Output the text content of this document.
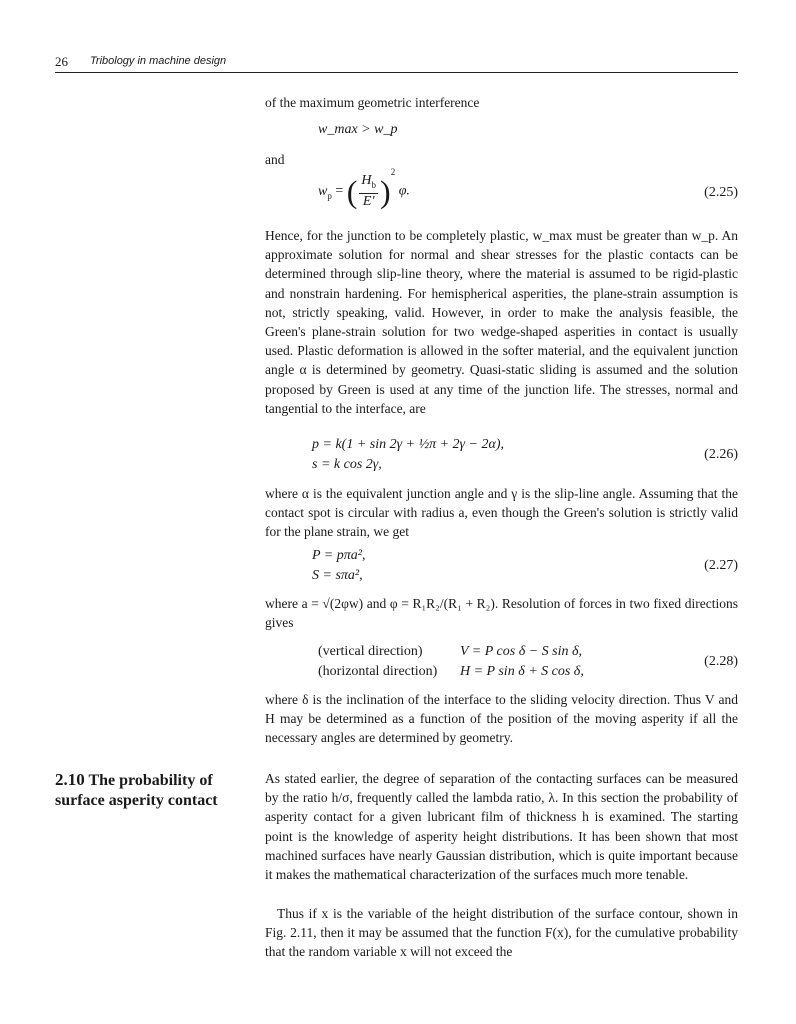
26 Tribology in machine design

of the maximum geometric interference

w_max > w_p

and

$w_p$ = ( $\frac{H_b}{E'} )^2$ φ.	(2.25)

Hence, for the junction to be completely plastic, w_max must be greater than w_p. An approximate solution for normal and shear stresses for the plastic contacts can be determined through slip-line theory, where the material is assumed to be rigid-plastic and nonstrain hardening. For hemispherical asperities, the plane-strain assumption is not, strictly speaking, valid. However, in order to make the analysis feasible, the Green's plane-strain solution for two wedge-shaped asperities in contact is usually used. Plastic deformation is allowed in the softer material, and the equivalent junction angle α is determined by geometry. Quasi-static sliding is assumed and the solution proposed by Green is used at any time of the junction life. The stresses, normal and tangential to the interface, are

p = k(1 + sin 2γ + ½π + 2γ − 2α),
s = k cos 2γ,
(2.26)

where α is the equivalent junction angle and γ is the slip-line angle. Assuming that the contact spot is circular with radius a, even though the Green's solution is strictly valid for the plane strain, we get

P = pπa²,
S = sπa²,
(2.27)

where a = √(2φw) and φ = R₁R₂/(R₁ + R₂). Resolution of forces in two fixed directions gives

(vertical direction)	V = P cos δ − S sin δ,
(horizontal direction) H = P sin δ + S cos δ,
(2.28)

where δ is the inclination of the interface to the sliding velocity direction. Thus V and H may be determined as a function of the position of the moving asperity if all the necessary angles are determined by geometry.

2.10 The probability of
surface asperity contact

As stated earlier, the degree of separation of the contacting surfaces can be measured by the ratio h/σ, frequently called the lambda ratio, λ. In this section the probability of asperity contact for a given lubricant film of thickness h is examined. The starting point is the knowledge of asperity height distributions. It has been shown that most machined surfaces have nearly Gaussian distribution, which is quite important because it makes the mathematical characterization of the surfaces much more tenable.

Thus if x is the variable of the height distribution of the surface contour, shown in Fig. 2.11, then it may be assumed that the function F(x), for the cumulative probability that the random variable x will not exceed the
